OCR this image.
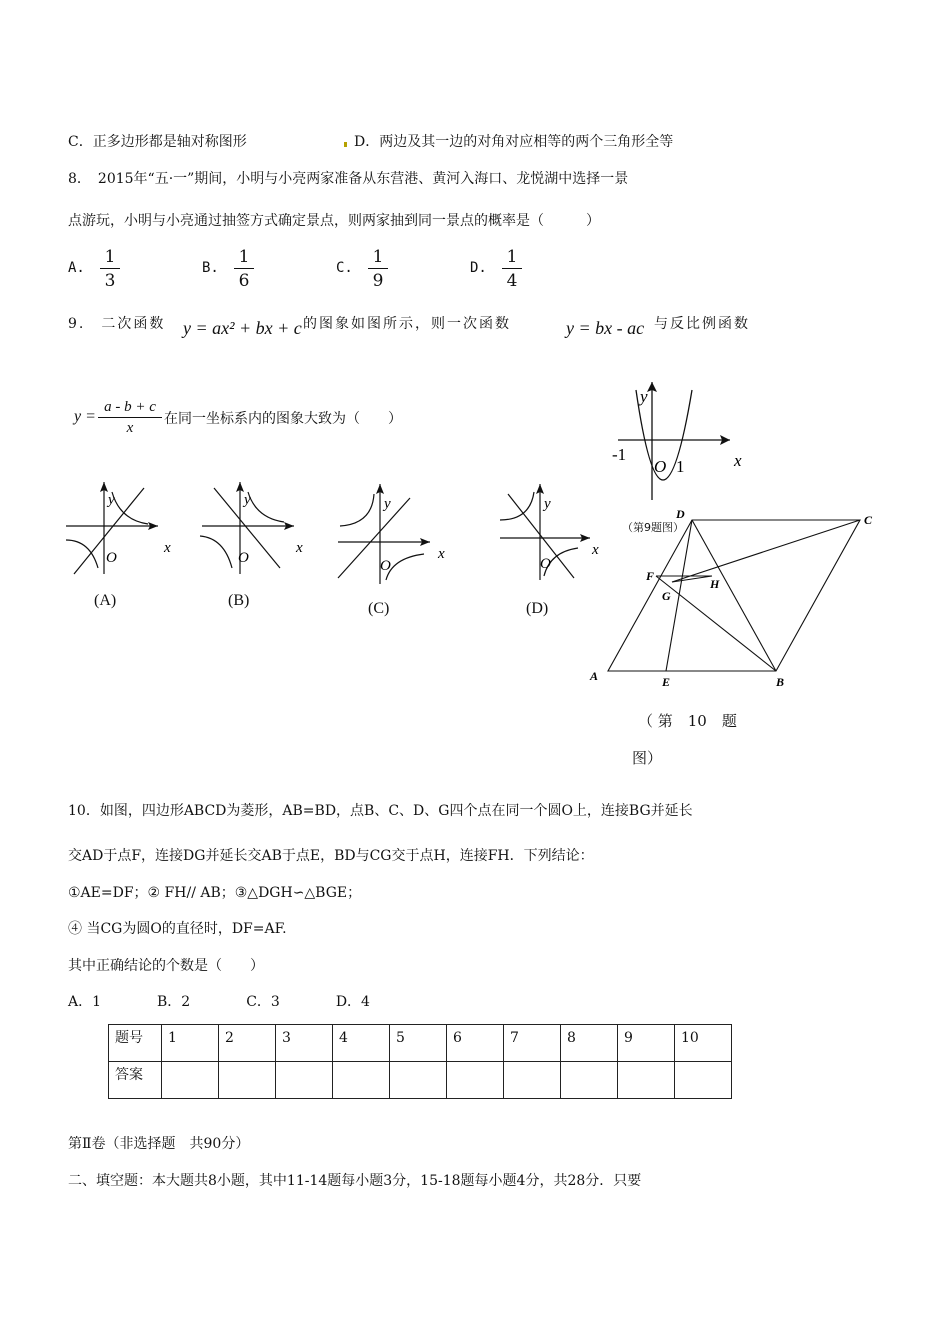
C．正多边形都是轴对称图形	D．两边及其一边的对角对应相等的两个三角形全等
8．　2015年“五·一”期间，小明与小亮两家准备从东营港、黄河入海口、龙悦湖中选择一景
点游玩，小明与小亮通过抽签方式确定景点，则两家抽到同一景点的概率是（　　　）
A.
1
3
B.
1
6
C.
1
9
D.
1
4
9.　二次函数 y = ax² + bx + c 的图象如图所示，则一次函数	y = bx - ac 与反比例函数
y =
a - b + c
x
在同一坐标系内的图象大致为（　　）
-1
O 1
y
x
（第9题图）
y
x
O
(A)
y
x
O
(B)
y
x
O
(C)
y
x
O
(D)
A	B
C
D
E
F
G
H
（ 第　10　题
图）
10．如图，四边形ABCD为菱形，AB=BD，点B、C、D、G四个点在同一个圆O上，连接BG并延长
交AD于点F，连接DG并延长交AB于点E，BD与CG交于点H，连接FH．下列结论：
①AE=DF；② FH// AB；③△DGH∽△BGE；
④ 当CG为圆O的直径时，DF=AF.
其中正确结论的个数是（　　）
A．1　　　　B．2　　　　C．3　　　　D．4
题号	1	2	3	4	5	6	7	8	9	10
答案										
第Ⅱ卷（非选择题　共90分）
二、填空题：本大题共8小题，其中11-14题每小题3分，15-18题每小题4分，共28分．只要
